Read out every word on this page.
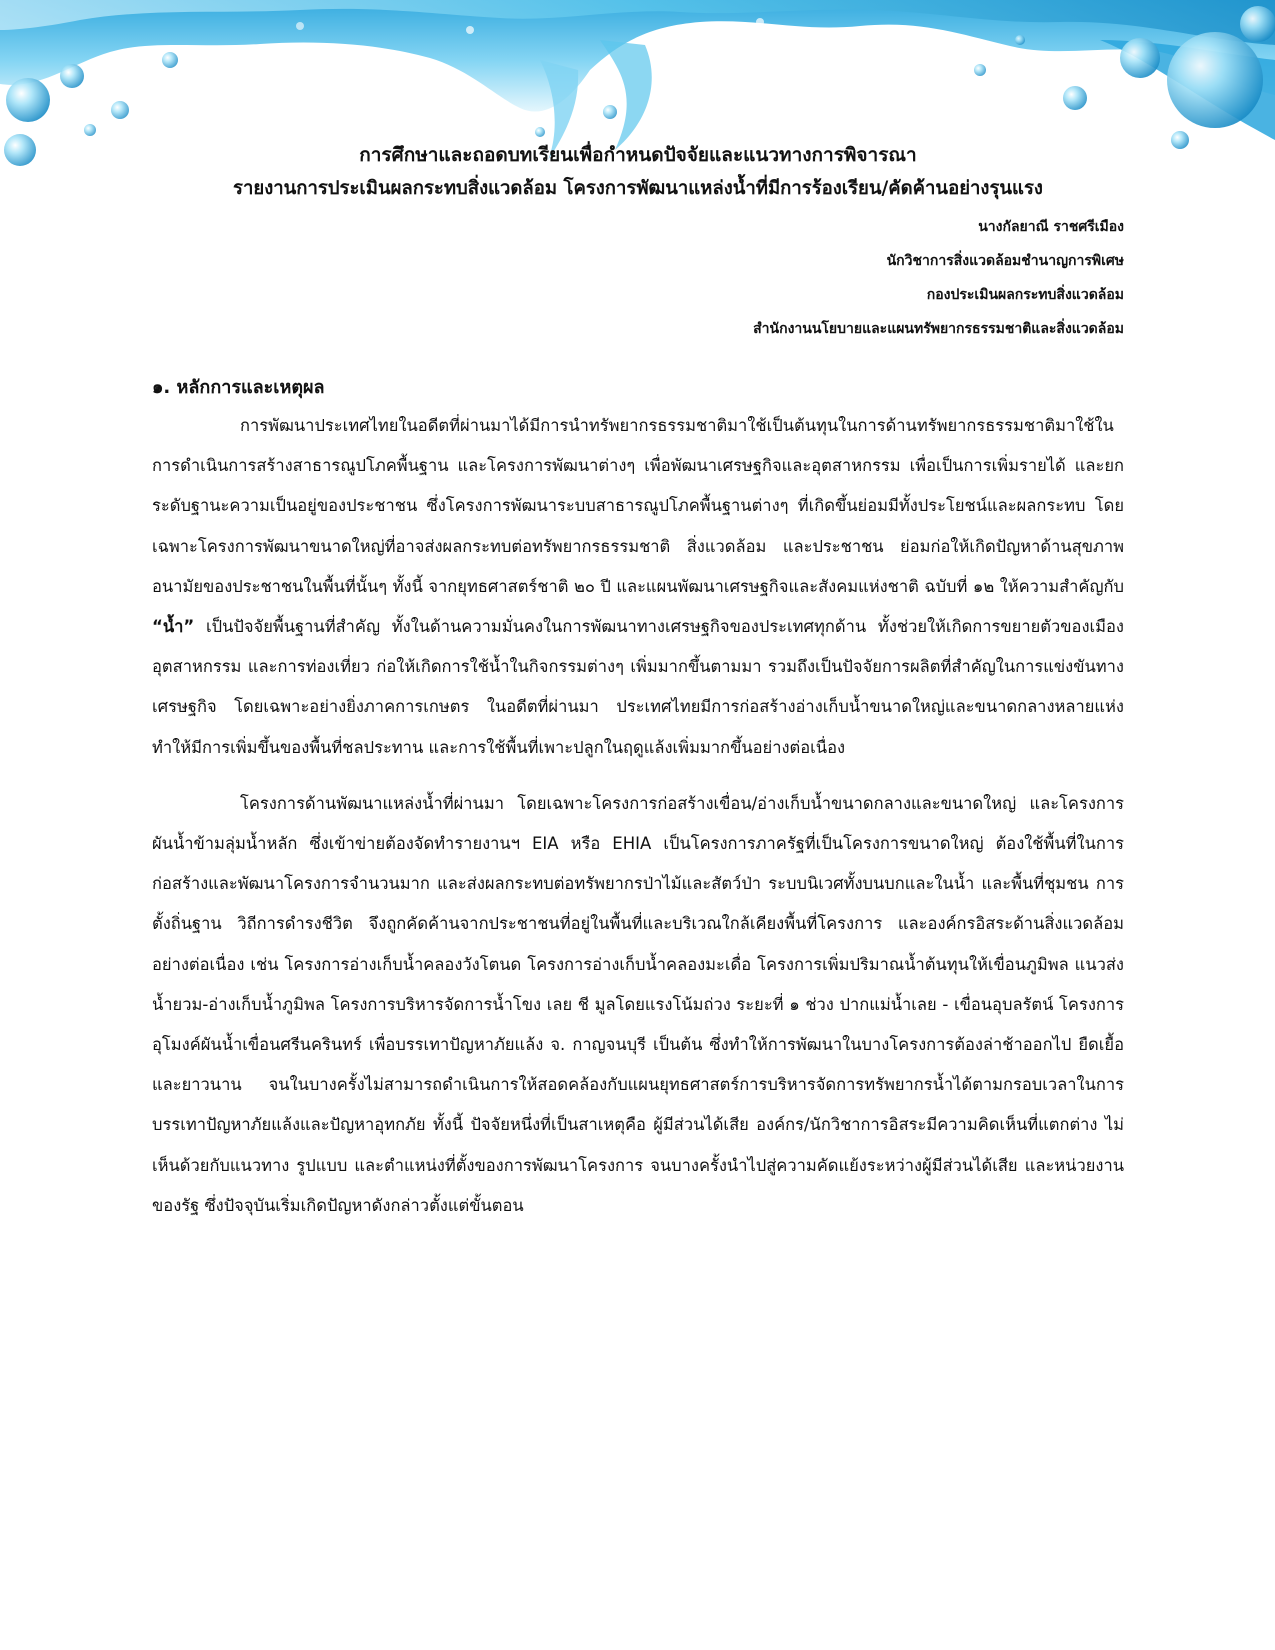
การศึกษาและถอดบทเรียนเพื่อกำหนดปัจจัยและแนวทางการพิจารณา
รายงานการประเมินผลกระทบสิ่งแวดล้อม โครงการพัฒนาแหล่งน้ำที่มีการร้องเรียน/คัดค้านอย่างรุนแรง
นางกัลยาณี ราชศรีเมือง
นักวิชาการสิ่งแวดล้อมชำนาญการพิเศษ
กองประเมินผลกระทบสิ่งแวดล้อม
สำนักงานนโยบายและแผนทรัพยากรธรรมชาติและสิ่งแวดล้อม
๑. หลักการและเหตุผล

การพัฒนาประเทศไทยในอดีตที่ผ่านมาได้มีการนำทรัพยากรธรรมชาติมาใช้เป็นต้นทุนในการด้านทรัพยากรธรรมชาติมาใช้ในการดำเนินการสร้างสาธารณูปโภคพื้นฐาน และโครงการพัฒนาต่างๆ เพื่อพัฒนาเศรษฐกิจและอุตสาหกรรม เพื่อเป็นการเพิ่มรายได้ และยกระดับฐานะความเป็นอยู่ของประชาชน ซึ่งโครงการพัฒนาระบบสาธารณูปโภคพื้นฐานต่างๆ ที่เกิดขึ้นย่อมมีทั้งประโยชน์และผลกระทบ โดยเฉพาะโครงการพัฒนาขนาดใหญ่ที่อาจส่งผลกระทบต่อทรัพยากรธรรมชาติ สิ่งแวดล้อม และประชาชน ย่อมก่อให้เกิดปัญหาด้านสุขภาพอนามัยของประชาชนในพื้นที่นั้นๆ ทั้งนี้ จากยุทธศาสตร์ชาติ ๒๐ ปี และแผนพัฒนาเศรษฐกิจและสังคมแห่งชาติ ฉบับที่ ๑๒ ให้ความสำคัญกับ “น้ำ” เป็นปัจจัยพื้นฐานที่สำคัญ ทั้งในด้านความมั่นคงในการพัฒนาทางเศรษฐกิจของประเทศทุกด้าน ทั้งช่วยให้เกิดการขยายตัวของเมือง อุตสาหกรรม และการท่องเที่ยว ก่อให้เกิดการใช้น้ำในกิจกรรมต่างๆ เพิ่มมากขึ้นตามมา รวมถึงเป็นปัจจัยการผลิตที่สำคัญในการแข่งขันทางเศรษฐกิจ โดยเฉพาะอย่างยิ่งภาคการเกษตร ในอดีตที่ผ่านมา ประเทศไทยมีการก่อสร้างอ่างเก็บน้ำขนาดใหญ่และขนาดกลางหลายแห่งทำให้มีการเพิ่มขึ้นของพื้นที่ชลประทาน และการใช้พื้นที่เพาะปลูกในฤดูแล้งเพิ่มมากขึ้นอย่างต่อเนื่อง

โครงการด้านพัฒนาแหล่งน้ำที่ผ่านมา โดยเฉพาะโครงการก่อสร้างเขื่อน/อ่างเก็บน้ำขนาดกลางและขนาดใหญ่ และโครงการผันน้ำข้ามลุ่มน้ำหลัก ซึ่งเข้าข่ายต้องจัดทำรายงานฯ EIA หรือ EHIA เป็นโครงการภาครัฐที่เป็นโครงการขนาดใหญ่ ต้องใช้พื้นที่ในการก่อสร้างและพัฒนาโครงการจำนวนมาก และส่งผลกระทบต่อทรัพยากรป่าไม้และสัตว์ป่า ระบบนิเวศทั้งบนบกและในน้ำ และพื้นที่ชุมชน การตั้งถิ่นฐาน วิถีการดำรงชีวิต จึงถูกคัดค้านจากประชาชนที่อยู่ในพื้นที่และบริเวณใกล้เคียงพื้นที่โครงการ และองค์กรอิสระด้านสิ่งแวดล้อมอย่างต่อเนื่อง เช่น โครงการอ่างเก็บน้ำคลองวังโตนด โครงการอ่างเก็บน้ำคลองมะเดื่อ โครงการเพิ่มปริมาณน้ำต้นทุนให้เขื่อนภูมิพล แนวส่งน้ำยวม-อ่างเก็บน้ำภูมิพล โครงการบริหารจัดการน้ำโขง เลย ชี มูลโดยแรงโน้มถ่วง ระยะที่ ๑ ช่วง ปากแม่น้ำเลย - เขื่อนอุบลรัตน์ โครงการอุโมงค์ผันน้ำเขื่อนศรีนครินทร์ เพื่อบรรเทาปัญหาภัยแล้ง จ. กาญจนบุรี เป็นต้น ซึ่งทำให้การพัฒนาในบางโครงการต้องล่าช้าออกไป ยืดเยื้อและยาวนาน จนในบางครั้งไม่สามารถดำเนินการให้สอดคล้องกับแผนยุทธศาสตร์การบริหารจัดการทรัพยากรน้ำได้ตามกรอบเวลาในการบรรเทาปัญหาภัยแล้งและปัญหาอุทกภัย ทั้งนี้ ปัจจัยหนึ่งที่เป็นสาเหตุคือ ผู้มีส่วนได้เสีย องค์กร/นักวิชาการอิสระมีความคิดเห็นที่แตกต่าง ไม่เห็นด้วยกับแนวทาง รูปแบบ และตำแหน่งที่ตั้งของการพัฒนาโครงการ จนบางครั้งนำไปสู่ความคัดแย้งระหว่างผู้มีส่วนได้เสีย และหน่วยงานของรัฐ ซึ่งปัจจุบันเริ่มเกิดปัญหาดังกล่าวตั้งแต่ขั้นตอน
